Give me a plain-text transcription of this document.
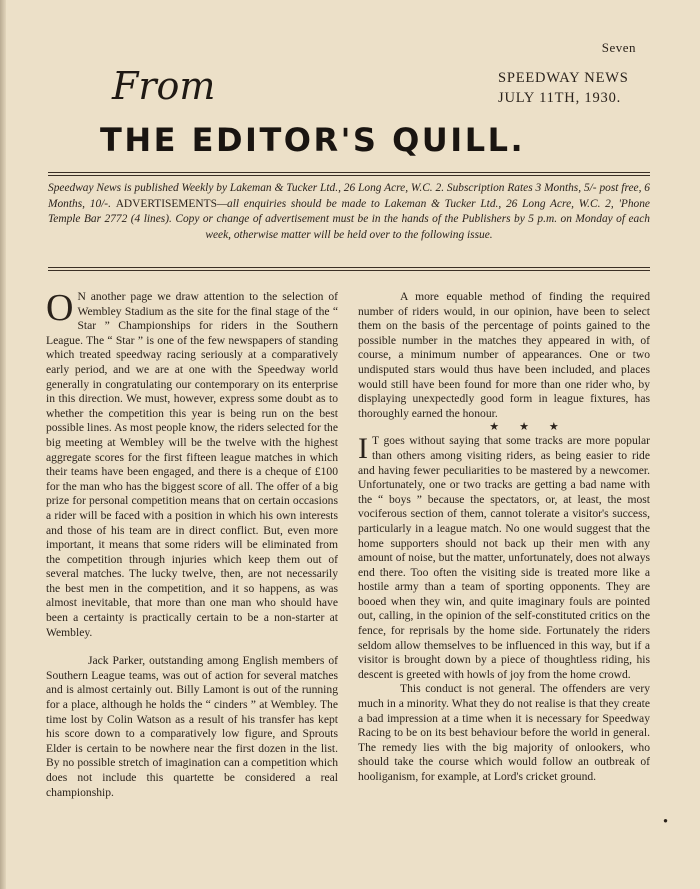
Seven
From	SPEEDWAY NEWS
JULY 11TH, 1930.
THE EDITOR'S QUILL.
Speedway News is published Weekly by Lakeman & Tucker Ltd., 26 Long Acre, W.C. 2. Subscription Rates 3 Months, 5/- post free, 6 Months, 10/-. ADVERTISEMENTS—all enquiries should be made to Lakeman & Tucker Ltd., 26 Long Acre, W.C. 2, 'Phone Temple Bar 2772 (4 lines). Copy or change of advertisement must be in the hands of the Publishers by 5 p.m. on Monday of each week, otherwise matter will be held over to the following issue.

O N another page we draw attention to the selection of Wembley Stadium as the site for the final stage of the “ Star ” Championships for riders in the Southern League. The “ Star ” is one of the few newspapers of standing which treated speedway racing seriously at a comparatively early period, and we are at one with the Speedway world generally in congratulating our contemporary on its enterprise in this direction. We must, however, express some doubt as to whether the competition this year is being run on the best possible lines. As most people know, the riders selected for the big meeting at Wembley will be the twelve with the highest aggregate scores for the first fifteen league matches in which their teams have been engaged, and there is a cheque of £100 for the man who has the biggest score of all. The offer of a big prize for personal competition means that on certain occasions a rider will be faced with a position in which his own interests and those of his team are in direct conflict. But, even more important, it means that some riders will be eliminated from the competition through injuries which keep them out of several matches. The lucky twelve, then, are not necessarily the best men in the competition, and it so happens, as was almost inevitable, that more than one man who should have been a certainty is practically certain to be a non-starter at Wembley.

Jack Parker, outstanding among English members of Southern League teams, was out of action for several matches and is almost certainly out. Billy Lamont is out of the running for a place, although he holds the “ cinders ” at Wembley. The time lost by Colin Watson as a result of his transfer has kept his score down to a comparatively low figure, and Sprouts Elder is certain to be nowhere near the first dozen in the list. By no possible stretch of imagination can a competition which does not include this quartette be considered a real championship.

A more equable method of finding the required number of riders would, in our opinion, have been to select them on the basis of the percentage of points gained to the possible number in the matches they appeared in with, of course, a minimum number of appearances. One or two undisputed stars would thus have been included, and places would still have been found for more than one rider who, by displaying unexpectedly good form in league fixtures, has thoroughly earned the honour.

★★★

I T goes without saying that some tracks are more popular than others among visiting riders, as being easier to ride and having fewer peculiarities to be mastered by a newcomer. Unfortunately, one or two tracks are getting a bad name with the “ boys ” because the spectators, or, at least, the most vociferous section of them, cannot tolerate a visitor's success, particularly in a league match. No one would suggest that the home supporters should not back up their men with any amount of noise, but the matter, unfortunately, does not always end there. Too often the visiting side is treated more like a hostile army than a team of sporting opponents. They are booed when they win, and quite imaginary fouls are pointed out, calling, in the opinion of the self-constituted critics on the fence, for reprisals by the home side. Fortunately the riders seldom allow themselves to be influenced in this way, but if a visitor is brought down by a piece of thoughtless riding, his descent is greeted with howls of joy from the home crowd.

This conduct is not general. The offenders are very much in a minority. What they do not realise is that they create a bad impression at a time when it is necessary for Speedway Racing to be on its best behaviour before the world in general. The remedy lies with the big majority of onlookers, who should take the course which would follow an outbreak of hooliganism, for example, at Lord's cricket ground.

●
